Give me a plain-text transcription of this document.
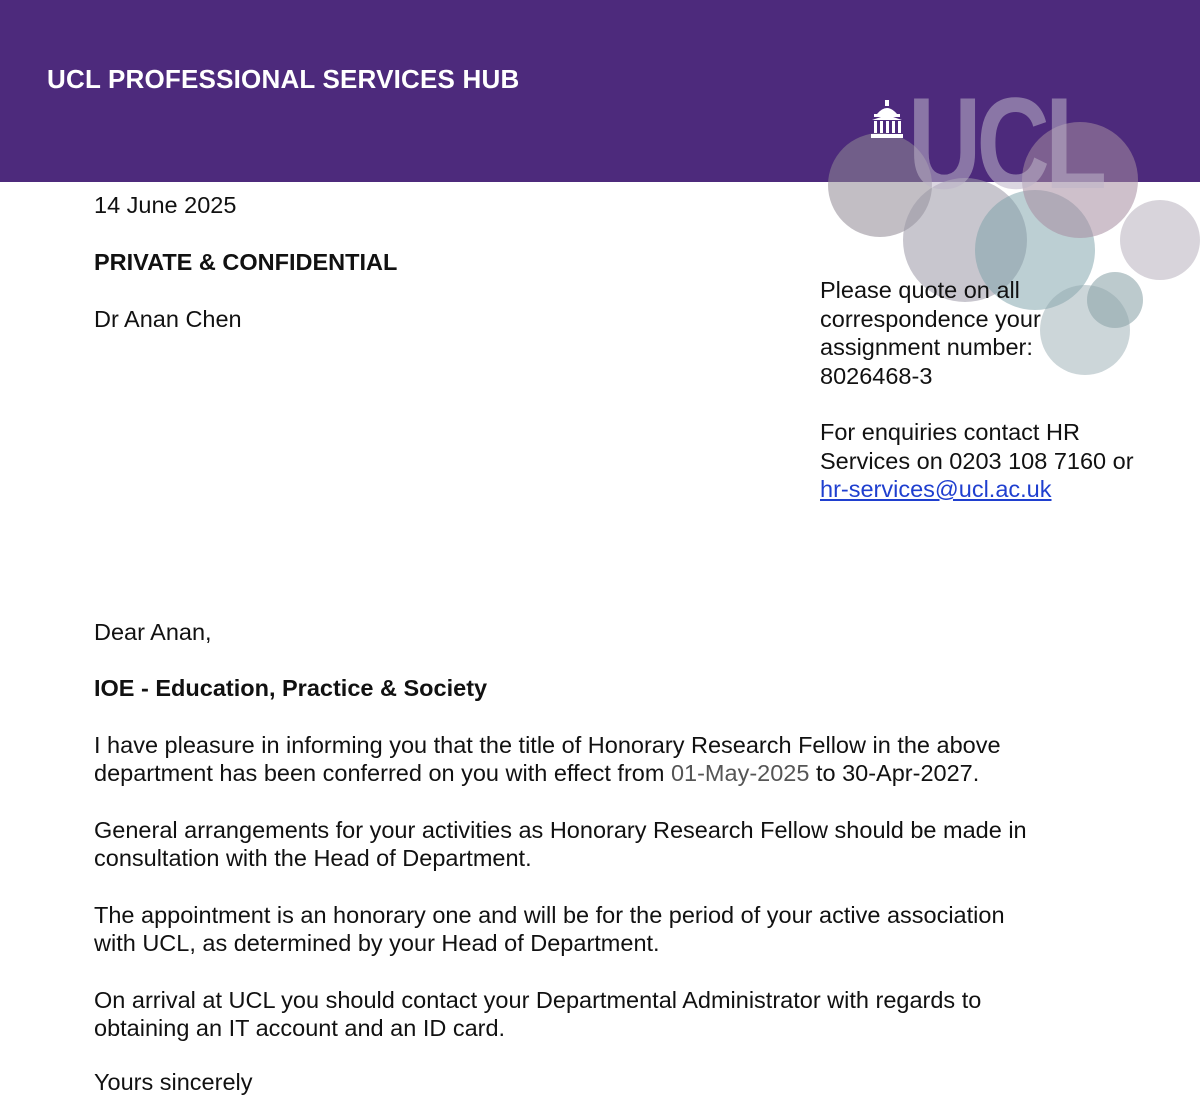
UCL PROFESSIONAL SERVICES HUB	UCL
14 June 2025
PRIVATE & CONFIDENTIAL
Dr Anan Chen
Please quote on all
correspondence your
assignment number:
8026468-3
For enquiries contact HR
Services on 0203 108 7160 or
hr-services@ucl.ac.uk
Dear Anan,
IOE - Education, Practice & Society
I have pleasure in informing you that the title of Honorary Research Fellow in the above
department has been conferred on you with effect from 01-May-2025 to 30-Apr-2027.
General arrangements for your activities as Honorary Research Fellow should be made in
consultation with the Head of Department.
The appointment is an honorary one and will be for the period of your active association
with UCL, as determined by your Head of Department.
On arrival at UCL you should contact your Departmental Administrator with regards to
obtaining an IT account and an ID card.
Yours sincerely
